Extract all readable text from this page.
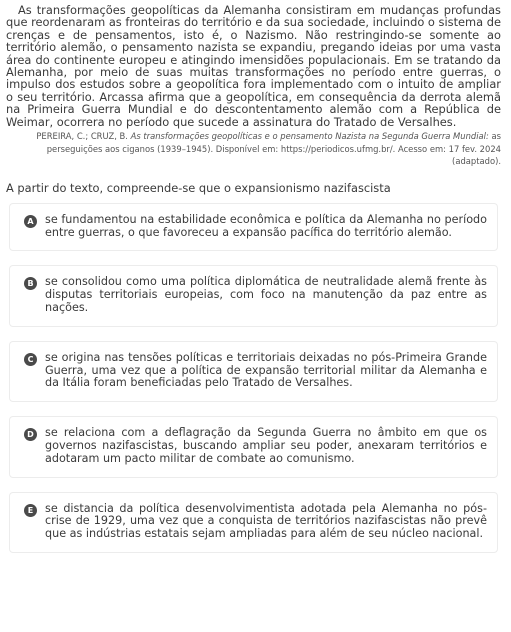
As transformações geopolíticas da Alemanha consistiram em mudanças profundas que reordenaram as fronteiras do território e da sua sociedade, incluindo o sistema de crenças e de pensamentos, isto é, o Nazismo. Não restringindo-se somente ao território alemão, o pensamento nazista se expandiu, pregando ideias por uma vasta área do continente europeu e atingindo imensidões populacionais. Em se tratando da Alemanha, por meio de suas muitas transformações no período entre guerras, o impulso dos estudos sobre a geopolítica fora implementado com o intuito de ampliar o seu território. Arcassa afirma que a geopolítica, em consequência da derrota alemã na Primeira Guerra Mundial e do descontentamento alemão com a República de Weimar, ocorrera no período que sucede a assinatura do Tratado de Versalhes.

PEREIRA, C.; CRUZ, B. As transformações geopolíticas e o pensamento Nazista na Segunda Guerra Mundial: as perseguições aos ciganos (1939–1945). Disponível em: https://periodicos.ufmg.br/. Acesso em: 17 fev. 2024 (adaptado).

A partir do texto, compreende-se que o expansionismo nazifascista

A	se fundamentou na estabilidade econômica e política da Alemanha no período entre guerras, o que favoreceu a expansão pacífica do território alemão.
B	se consolidou como uma política diplomática de neutralidade alemã frente às disputas territoriais europeias, com foco na manutenção da paz entre as nações.
C	se origina nas tensões políticas e territoriais deixadas no pós-Primeira Grande Guerra, uma vez que a política de expansão territorial militar da Alemanha e da Itália foram beneficiadas pelo Tratado de Versalhes.
D se relaciona com a deflagração da Segunda Guerra no âmbito em que os governos nazifascistas, buscando ampliar seu poder, anexaram territórios e adotaram um pacto militar de combate ao comunismo.
E	se distancia da política desenvolvimentista adotada pela Alemanha no pós-crise de 1929, uma vez que a conquista de territórios nazifascistas não prevê que as indústrias estatais sejam ampliadas para além de seu núcleo nacional.
